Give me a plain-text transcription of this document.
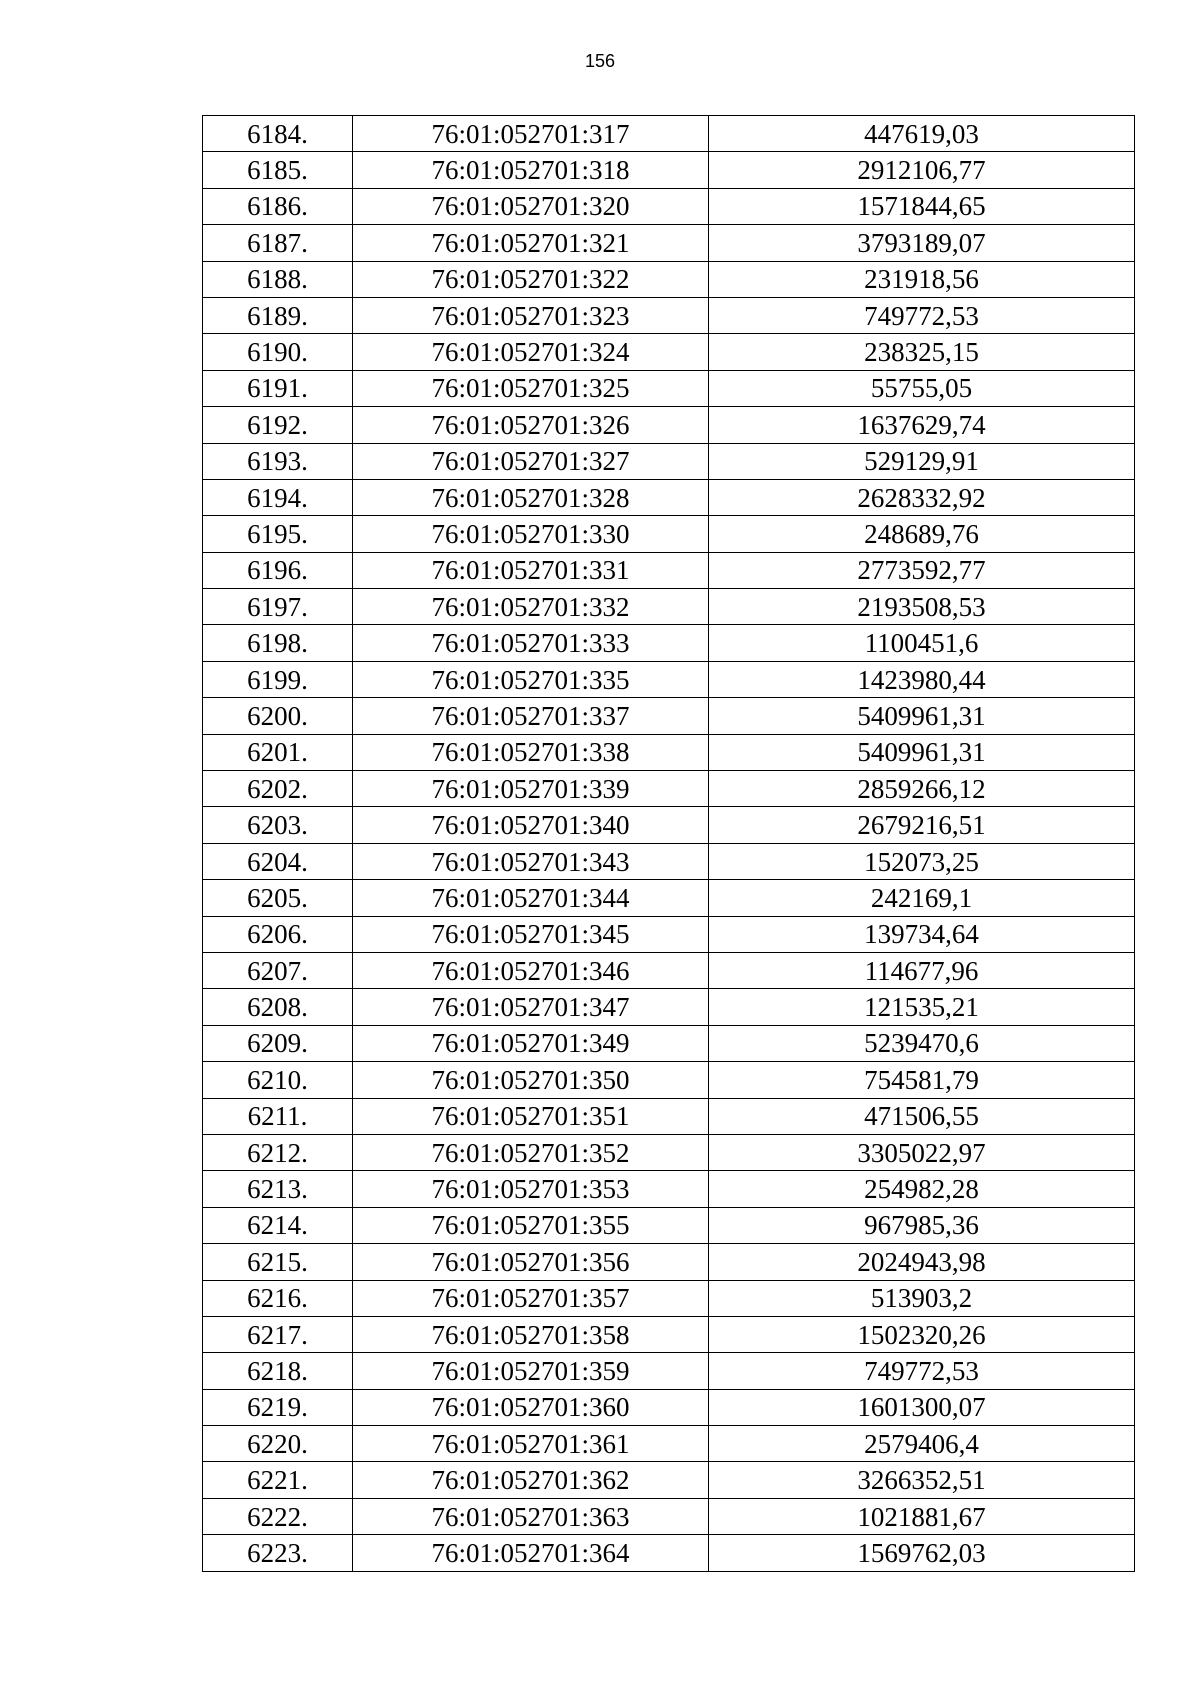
156
6184.	76:01:052701:317	447619,03
6185.	76:01:052701:318	2912106,77
6186.	76:01:052701:320	1571844,65
6187.	76:01:052701:321	3793189,07
6188.	76:01:052701:322	231918,56
6189.	76:01:052701:323	749772,53
6190.	76:01:052701:324	238325,15
6191.	76:01:052701:325	55755,05
6192.	76:01:052701:326	1637629,74
6193.	76:01:052701:327	529129,91
6194.	76:01:052701:328	2628332,92
6195.	76:01:052701:330	248689,76
6196.	76:01:052701:331	2773592,77
6197.	76:01:052701:332	2193508,53
6198.	76:01:052701:333	1100451,6
6199.	76:01:052701:335	1423980,44
6200.	76:01:052701:337	5409961,31
6201.	76:01:052701:338	5409961,31
6202.	76:01:052701:339	2859266,12
6203.	76:01:052701:340	2679216,51
6204.	76:01:052701:343	152073,25
6205.	76:01:052701:344	242169,1
6206.	76:01:052701:345	139734,64
6207.	76:01:052701:346	114677,96
6208.	76:01:052701:347	121535,21
6209.	76:01:052701:349	5239470,6
6210.	76:01:052701:350	754581,79
6211.	76:01:052701:351	471506,55
6212.	76:01:052701:352	3305022,97
6213.	76:01:052701:353	254982,28
6214.	76:01:052701:355	967985,36
6215.	76:01:052701:356	2024943,98
6216.	76:01:052701:357	513903,2
6217.	76:01:052701:358	1502320,26
6218.	76:01:052701:359	749772,53
6219.	76:01:052701:360	1601300,07
6220.	76:01:052701:361	2579406,4
6221.	76:01:052701:362	3266352,51
6222.	76:01:052701:363	1021881,67
6223.	76:01:052701:364	1569762,03
